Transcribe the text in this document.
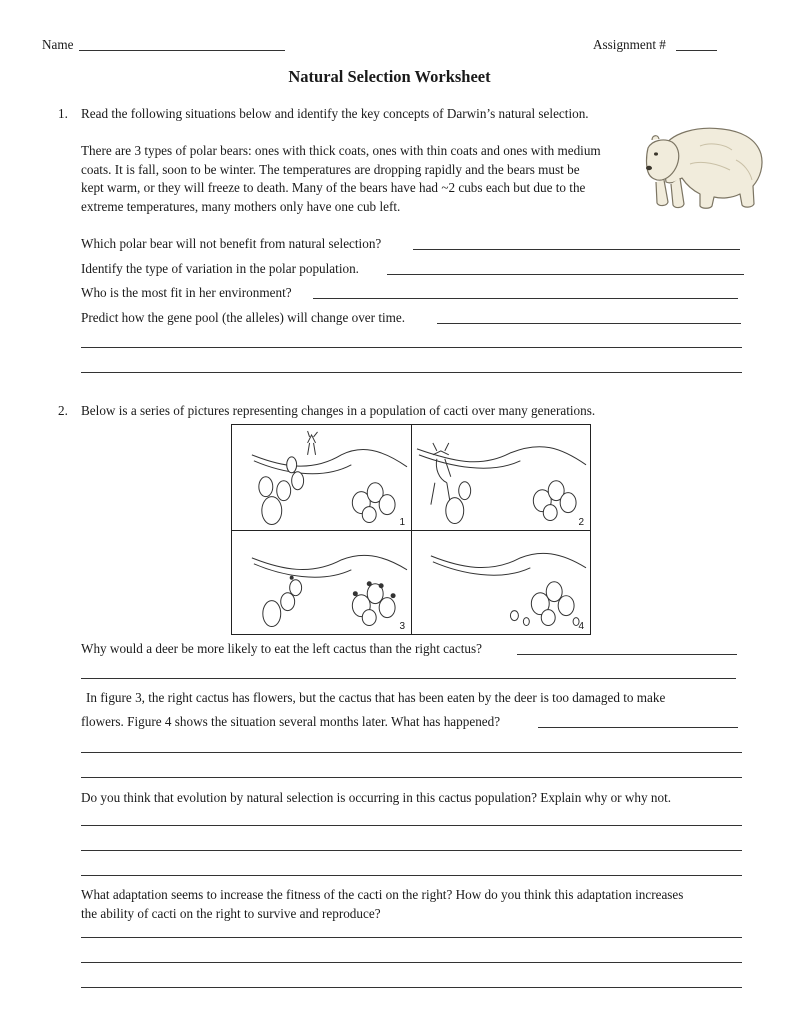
Name	Assignment #
Natural Selection Worksheet
1. Read the following situations below and identify the key concepts of Darwin’s natural selection.
There are 3 types of polar bears: ones with thick coats, ones with thin coats and ones with medium
coats. It is fall, soon to be winter. The temperatures are dropping rapidly and the bears must be
kept warm, or they will freeze to death. Many of the bears have had ~2 cubs each but due to the
extreme temperatures, many mothers only have one cub left.
Which polar bear will not benefit from natural selection?
Identify the type of variation in the polar population.
Who is the most fit in her environment?
Predict how the gene pool (the alleles) will change over time.
2. Below is a series of pictures representing changes in a population of cacti over many generations.
1	2
3	4
Why would a deer be more likely to eat the left cactus than the right cactus?
In figure 3, the right cactus has flowers, but the cactus that has been eaten by the deer is too damaged to make
flowers. Figure 4 shows the situation several months later. What has happened?
Do you think that evolution by natural selection is occurring in this cactus population? Explain why or why not.
What adaptation seems to increase the fitness of the cacti on the right? How do you think this adaptation increases
the ability of cacti on the right to survive and reproduce?
